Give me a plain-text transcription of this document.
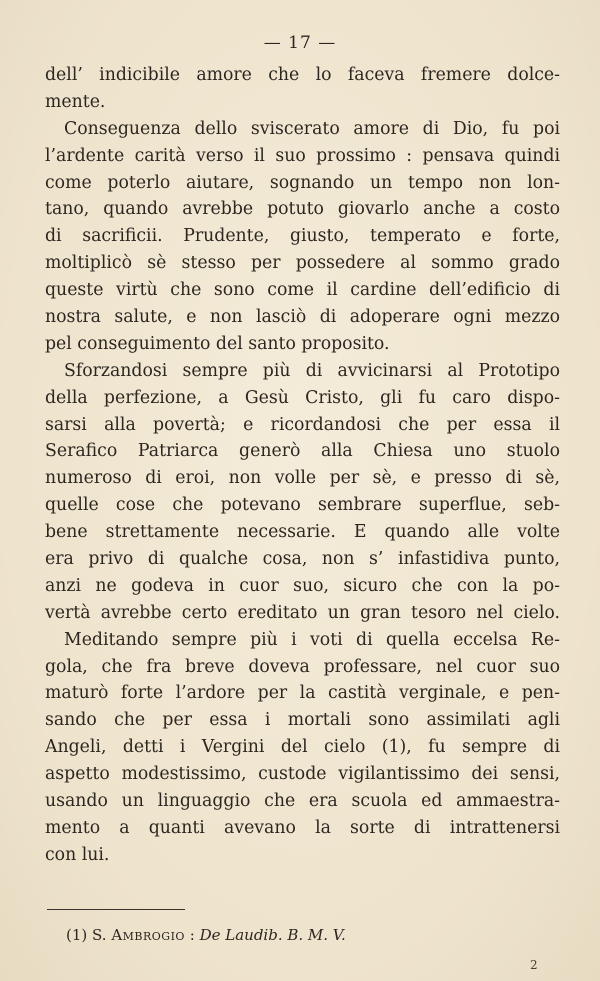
— 17 —
dell’ indicibile amore che lo faceva fremere dolce-
mente.
Conseguenza dello sviscerato amore di Dio, fu poi
l’ardente carità verso il suo prossimo : pensava quindi
come poterlo aiutare, sognando un tempo non lon-
tano, quando avrebbe potuto giovarlo anche a costo
di sacrificii. Prudente, giusto, temperato e forte,
moltiplicò sè stesso per possedere al sommo grado
queste virtù che sono come il cardine dell’edificio di
nostra salute, e non lasciò di adoperare ogni mezzo
pel conseguimento del santo proposito.
Sforzandosi sempre più di avvicinarsi al Prototipo
della perfezione, a Gesù Cristo, gli fu caro dispo-
sarsi alla povertà; e ricordandosi che per essa il
Serafico Patriarca generò alla Chiesa uno stuolo
numeroso di eroi, non volle per sè, e presso di sè,
quelle cose che potevano sembrare superflue, seb-
bene strettamente necessarie. E quando alle volte
era privo di qualche cosa, non s’ infastidiva punto,
anzi ne godeva in cuor suo, sicuro che con la po-
vertà avrebbe certo ereditato un gran tesoro nel cielo.
Meditando sempre più i voti di quella eccelsa Re-
gola, che fra breve doveva professare, nel cuor suo
maturò forte l’ardore per la castità verginale, e pen-
sando che per essa i mortali sono assimilati agli
Angeli, detti i Vergini del cielo (1), fu sempre di
aspetto modestissimo, custode vigilantissimo dei sensi,
usando un linguaggio che era scuola ed ammaestra-
mento a quanti avevano la sorte di intrattenersi
con lui.
(1) S. Ambrogio : De Laudib. B. M. V.
2
